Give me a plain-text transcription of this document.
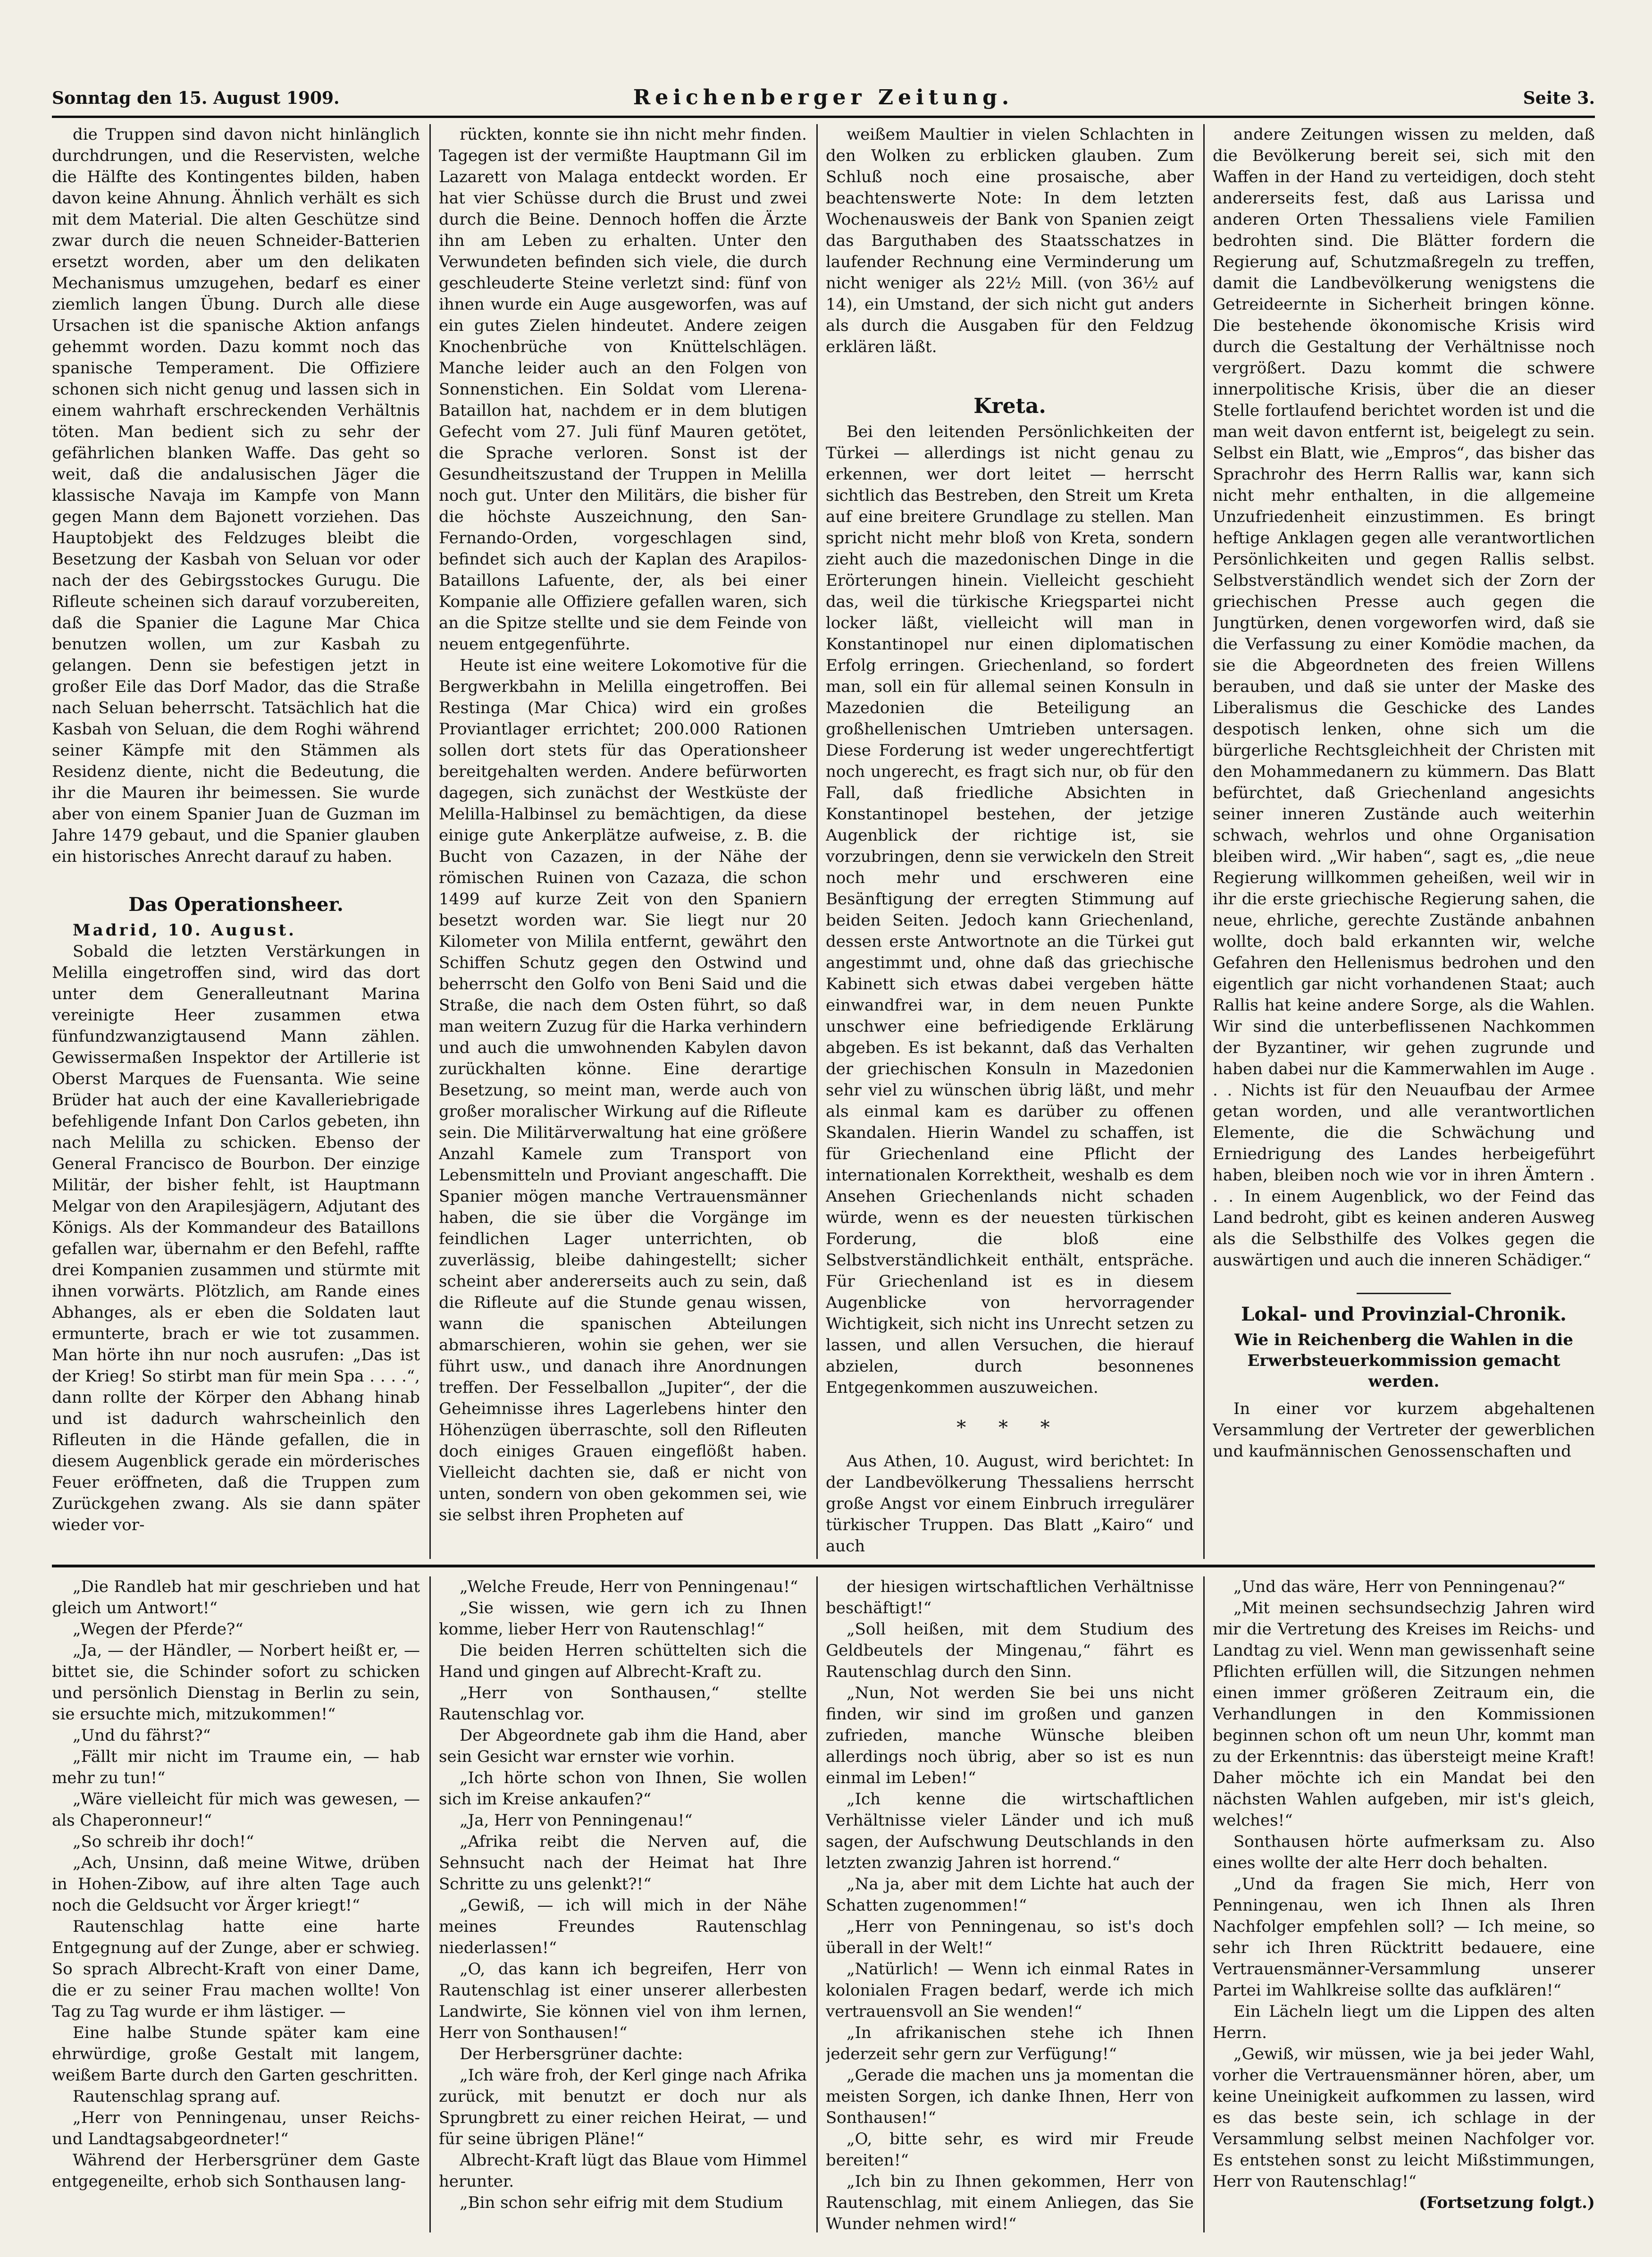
Sonntag den 15. August 1909.	Reichenberger Zeitung.	Seite 3.

die Truppen sind davon nicht hinlänglich durchdrungen, und die Reservisten, welche die Hälfte des Kontingentes bilden, haben davon keine Ahnung. Ähnlich verhält es sich mit dem Material. Die alten Geschütze sind zwar durch die neuen Schneider-Batterien ersetzt worden, aber um den delikaten Mechanismus umzugehen, bedarf es einer ziemlich langen Übung. Durch alle diese Ursachen ist die spanische Aktion anfangs gehemmt worden. Dazu kommt noch das spanische Temperament. Die Offiziere schonen sich nicht genug und lassen sich in einem wahrhaft erschreckenden Verhältnis töten. Man bedient sich zu sehr der gefährlichen blanken Waffe. Das geht so weit, daß die andalusischen Jäger die klassische Navaja im Kampfe von Mann gegen Mann dem Bajonett vorziehen. Das Hauptobjekt des Feldzuges bleibt die Besetzung der Kasbah von Seluan vor oder nach der des Gebirgsstockes Gurugu. Die Rifleute scheinen sich darauf vorzubereiten, daß die Spanier die Lagune Mar Chica benutzen wollen, um zur Kasbah zu gelangen. Denn sie befestigen jetzt in großer Eile das Dorf Mador, das die Straße nach Seluan beherrscht. Tatsächlich hat die Kasbah von Seluan, die dem Roghi während seiner Kämpfe mit den Stämmen als Residenz diente, nicht die Bedeutung, die ihr die Mauren ihr beimessen. Sie wurde aber von einem Spanier Juan de Guzman im Jahre 1479 gebaut, und die Spanier glauben ein historisches Anrecht darauf zu haben.

Das Operationsheer.

Madrid, 10. August.

Sobald die letzten Verstärkungen in Melilla eingetroffen sind, wird das dort unter dem Generalleutnant Marina vereinigte Heer zusammen etwa fünfundzwanzigtausend Mann zählen. Gewissermaßen Inspektor der Artillerie ist Oberst Marques de Fuensanta. Wie seine Brüder hat auch der eine Kavalleriebrigade befehligende Infant Don Carlos gebeten, ihn nach Melilla zu schicken. Ebenso der General Francisco de Bourbon. Der einzige Militär, der bisher fehlt, ist Hauptmann Melgar von den Arapilesjägern, Adjutant des Königs. Als der Kommandeur des Bataillons gefallen war, übernahm er den Befehl, raffte drei Kompanien zusammen und stürmte mit ihnen vorwärts. Plötzlich, am Rande eines Abhanges, als er eben die Soldaten laut ermunterte, brach er wie tot zusammen. Man hörte ihn nur noch ausrufen: „Das ist der Krieg! So stirbt man für mein Spa . . . .“, dann rollte der Körper den Abhang hinab und ist dadurch wahrscheinlich den Rifleuten in die Hände gefallen, die in diesem Augenblick gerade ein mörderisches Feuer eröffneten, daß die Truppen zum Zurückgehen zwang. Als sie dann später wieder vor-

rückten, konnte sie ihn nicht mehr finden. Tagegen ist der vermißte Hauptmann Gil im Lazarett von Malaga entdeckt worden. Er hat vier Schüsse durch die Brust und zwei durch die Beine. Dennoch hoffen die Ärzte ihn am Leben zu erhalten. Unter den Verwundeten befinden sich viele, die durch geschleuderte Steine verletzt sind: fünf von ihnen wurde ein Auge ausgeworfen, was auf ein gutes Zielen hindeutet. Andere zeigen Knochenbrüche von Knüttelschlägen. Manche leider auch an den Folgen von Sonnenstichen. Ein Soldat vom Llerena-Bataillon hat, nachdem er in dem blutigen Gefecht vom 27. Juli fünf Mauren getötet, die Sprache verloren. Sonst ist der Gesundheitszustand der Truppen in Melilla noch gut. Unter den Militärs, die bisher für die höchste Auszeichnung, den San-Fernando-Orden, vorgeschlagen sind, befindet sich auch der Kaplan des Arapilos-Bataillons Lafuente, der, als bei einer Kompanie alle Offiziere gefallen waren, sich an die Spitze stellte und sie dem Feinde von neuem entgegenführte.

Heute ist eine weitere Lokomotive für die Bergwerkbahn in Melilla eingetroffen. Bei Restinga (Mar Chica) wird ein großes Proviantlager errichtet; 200.000 Rationen sollen dort stets für das Operationsheer bereitgehalten werden. Andere befürworten dagegen, sich zunächst der Westküste der Melilla-Halbinsel zu bemächtigen, da diese einige gute Ankerplätze aufweise, z. B. die Bucht von Cazazen, in der Nähe der römischen Ruinen von Cazaza, die schon 1499 auf kurze Zeit von den Spaniern besetzt worden war. Sie liegt nur 20 Kilometer von Milila entfernt, gewährt den Schiffen Schutz gegen den Ostwind und beherrscht den Golfo von Beni Said und die Straße, die nach dem Osten führt, so daß man weitern Zuzug für die Harka verhindern und auch die umwohnenden Kabylen davon zurückhalten könne. Eine derartige Besetzung, so meint man, werde auch von großer moralischer Wirkung auf die Rifleute sein. Die Militärverwaltung hat eine größere Anzahl Kamele zum Transport von Lebensmitteln und Proviant angeschafft. Die Spanier mögen manche Vertrauensmänner haben, die sie über die Vorgänge im feindlichen Lager unterrichten, ob zuverlässig, bleibe dahingestellt; sicher scheint aber andererseits auch zu sein, daß die Rifleute auf die Stunde genau wissen, wann die spanischen Abteilungen abmarschieren, wohin sie gehen, wer sie führt usw., und danach ihre Anordnungen treffen. Der Fesselballon „Jupiter“, der die Geheimnisse ihres Lagerlebens hinter den Höhenzügen überraschte, soll den Rifleuten doch einiges Grauen eingeflößt haben. Vielleicht dachten sie, daß er nicht von unten, sondern von oben gekommen sei, wie sie selbst ihren Propheten auf

weißem Maultier in vielen Schlachten in den Wolken zu erblicken glauben. Zum Schluß noch eine prosaische, aber beachtenswerte Note: In dem letzten Wochenausweis der Bank von Spanien zeigt das Barguthaben des Staatsschatzes in laufender Rechnung eine Verminderung um nicht weniger als 22½ Mill. (von 36½ auf 14), ein Umstand, der sich nicht gut anders als durch die Ausgaben für den Feldzug erklären läßt.

Kreta.

Bei den leitenden Persönlichkeiten der Türkei — allerdings ist nicht genau zu erkennen, wer dort leitet — herrscht sichtlich das Bestreben, den Streit um Kreta auf eine breitere Grundlage zu stellen. Man spricht nicht mehr bloß von Kreta, sondern zieht auch die mazedonischen Dinge in die Erörterungen hinein. Vielleicht geschieht das, weil die türkische Kriegspartei nicht locker läßt, vielleicht will man in Konstantinopel nur einen diplomatischen Erfolg erringen. Griechenland, so fordert man, soll ein für allemal seinen Konsuln in Mazedonien die Beteiligung an großhellenischen Umtrieben untersagen. Diese Forderung ist weder ungerechtfertigt noch ungerecht, es fragt sich nur, ob für den Fall, daß friedliche Absichten in Konstantinopel bestehen, der jetzige Augenblick der richtige ist, sie vorzubringen, denn sie verwickeln den Streit noch mehr und erschweren eine Besänftigung der erregten Stimmung auf beiden Seiten. Jedoch kann Griechenland, dessen erste Antwortnote an die Türkei gut angestimmt und, ohne daß das griechische Kabinett sich etwas dabei vergeben hätte einwandfrei war, in dem neuen Punkte unschwer eine befriedigende Erklärung abgeben. Es ist bekannt, daß das Verhalten der griechischen Konsuln in Mazedonien sehr viel zu wünschen übrig läßt, und mehr als einmal kam es darüber zu offenen Skandalen. Hierin Wandel zu schaffen, ist für Griechenland eine Pflicht der internationalen Korrektheit, weshalb es dem Ansehen Griechenlands nicht schaden würde, wenn es der neuesten türkischen Forderung, die bloß eine Selbstverständlichkeit enthält, entspräche. Für Griechenland ist es in diesem Augenblicke von hervorragender Wichtigkeit, sich nicht ins Unrecht setzen zu lassen, und allen Versuchen, die hierauf abzielen, durch besonnenes Entgegenkommen auszuweichen.

* * *

Aus Athen, 10. August, wird berichtet: In der Landbevölkerung Thessaliens herrscht große Angst vor einem Einbruch irregulärer türkischer Truppen. Das Blatt „Kairo“ und auch

andere Zeitungen wissen zu melden, daß die Bevölkerung bereit sei, sich mit den Waffen in der Hand zu verteidigen, doch steht andererseits fest, daß aus Larissa und anderen Orten Thessaliens viele Familien bedrohten sind. Die Blätter fordern die Regierung auf, Schutzmaßregeln zu treffen, damit die Landbevölkerung wenigstens die Getreideernte in Sicherheit bringen könne. Die bestehende ökonomische Krisis wird durch die Gestaltung der Verhältnisse noch vergrößert. Dazu kommt die schwere innerpolitische Krisis, über die an dieser Stelle fortlaufend berichtet worden ist und die man weit davon entfernt ist, beigelegt zu sein. Selbst ein Blatt, wie „Empros“, das bisher das Sprachrohr des Herrn Rallis war, kann sich nicht mehr enthalten, in die allgemeine Unzufriedenheit einzustimmen. Es bringt heftige Anklagen gegen alle verantwortlichen Persönlichkeiten und gegen Rallis selbst. Selbstverständlich wendet sich der Zorn der griechischen Presse auch gegen die Jungtürken, denen vorgeworfen wird, daß sie die Verfassung zu einer Komödie machen, da sie die Abgeordneten des freien Willens berauben, und daß sie unter der Maske des Liberalismus die Geschicke des Landes despotisch lenken, ohne sich um die bürgerliche Rechtsgleichheit der Christen mit den Mohammedanern zu kümmern. Das Blatt befürchtet, daß Griechenland angesichts seiner inneren Zustände auch weiterhin schwach, wehrlos und ohne Organisation bleiben wird. „Wir haben“, sagt es, „die neue Regierung willkommen geheißen, weil wir in ihr die erste griechische Regierung sahen, die neue, ehrliche, gerechte Zustände anbahnen wollte, doch bald erkannten wir, welche Gefahren den Hellenismus bedrohen und den eigentlich gar nicht vorhandenen Staat; auch Rallis hat keine andere Sorge, als die Wahlen. Wir sind die unterbeflissenen Nachkommen der Byzantiner, wir gehen zugrunde und haben dabei nur die Kammerwahlen im Auge . . . Nichts ist für den Neuaufbau der Armee getan worden, und alle verantwortlichen Elemente, die die Schwächung und Erniedrigung des Landes herbeigeführt haben, bleiben noch wie vor in ihren Ämtern . . . In einem Augenblick, wo der Feind das Land bedroht, gibt es keinen anderen Ausweg als die Selbsthilfe des Volkes gegen die auswärtigen und auch die inneren Schädiger.“

Lokal- und Provinzial-Chronik.
Wie in Reichenberg die Wahlen in die Erwerbsteuerkommission gemacht werden.

In einer vor kurzem abgehaltenen Versammlung der Vertreter der gewerblichen und kaufmännischen Genossenschaften und

„Die Randleb hat mir geschrieben und hat gleich um Antwort!“

„Wegen der Pferde?“

„Ja, — der Händler, — Norbert heißt er, — bittet sie, die Schinder sofort zu schicken und persönlich Dienstag in Berlin zu sein, sie ersuchte mich, mitzukommen!“

„Und du fährst?“

„Fällt mir nicht im Traume ein, — hab mehr zu tun!“

„Wäre vielleicht für mich was gewesen, — als Chaperonneur!“

„So schreib ihr doch!“

„Ach, Unsinn, daß meine Witwe, drüben in Hohen-Zibow, auf ihre alten Tage auch noch die Geldsucht vor Ärger kriegt!“

Rautenschlag hatte eine harte Entgegnung auf der Zunge, aber er schwieg. So sprach Albrecht-Kraft von einer Dame, die er zu seiner Frau machen wollte! Von Tag zu Tag wurde er ihm lästiger. —

Eine halbe Stunde später kam eine ehrwürdige, große Gestalt mit langem, weißem Barte durch den Garten geschritten.

Rautenschlag sprang auf.

„Herr von Penningenau, unser Reichs- und Landtagsabgeordneter!“

Während der Herbersgrüner dem Gaste entgegeneilte, erhob sich Sonthausen lang-

„Welche Freude, Herr von Penningenau!“

„Sie wissen, wie gern ich zu Ihnen komme, lieber Herr von Rautenschlag!“

Die beiden Herren schüttelten sich die Hand und gingen auf Albrecht-Kraft zu.

„Herr von Sonthausen,“ stellte Rautenschlag vor.

Der Abgeordnete gab ihm die Hand, aber sein Gesicht war ernster wie vorhin.

„Ich hörte schon von Ihnen, Sie wollen sich im Kreise ankaufen?“

„Ja, Herr von Penningenau!“

„Afrika reibt die Nerven auf, die Sehnsucht nach der Heimat hat Ihre Schritte zu uns gelenkt?!“

„Gewiß, — ich will mich in der Nähe meines Freundes Rautenschlag niederlassen!“

„O, das kann ich begreifen, Herr von Rautenschlag ist einer unserer allerbesten Landwirte, Sie können viel von ihm lernen, Herr von Sonthausen!“

Der Herbersgrüner dachte:

„Ich wäre froh, der Kerl ginge nach Afrika zurück, mit benutzt er doch nur als Sprungbrett zu einer reichen Heirat, — und für seine übrigen Pläne!“

Albrecht-Kraft lügt das Blaue vom Himmel herunter.

„Bin schon sehr eifrig mit dem Studium

der hiesigen wirtschaftlichen Verhältnisse beschäftigt!“

„Soll heißen, mit dem Studium des Geldbeutels der Mingenau,“ fährt es Rautenschlag durch den Sinn.

„Nun, Not werden Sie bei uns nicht finden, wir sind im großen und ganzen zufrieden, manche Wünsche bleiben allerdings noch übrig, aber so ist es nun einmal im Leben!“

„Ich kenne die wirtschaftlichen Verhältnisse vieler Länder und ich muß sagen, der Aufschwung Deutschlands in den letzten zwanzig Jahren ist horrend.“

„Na ja, aber mit dem Lichte hat auch der Schatten zugenommen!“

„Herr von Penningenau, so ist's doch überall in der Welt!“

„Natürlich! — Wenn ich einmal Rates in kolonialen Fragen bedarf, werde ich mich vertrauensvoll an Sie wenden!“

„In afrikanischen stehe ich Ihnen jederzeit sehr gern zur Verfügung!“

„Gerade die machen uns ja momentan die meisten Sorgen, ich danke Ihnen, Herr von Sonthausen!“

„O, bitte sehr, es wird mir Freude bereiten!“

„Ich bin zu Ihnen gekommen, Herr von Rautenschlag, mit einem Anliegen, das Sie Wunder nehmen wird!“

„Und das wäre, Herr von Penningenau?“

„Mit meinen sechsundsechzig Jahren wird mir die Vertretung des Kreises im Reichs- und Landtag zu viel. Wenn man gewissenhaft seine Pflichten erfüllen will, die Sitzungen nehmen einen immer größeren Zeitraum ein, die Verhandlungen in den Kommissionen beginnen schon oft um neun Uhr, kommt man zu der Erkenntnis: das übersteigt meine Kraft! Daher möchte ich ein Mandat bei den nächsten Wahlen aufgeben, mir ist's gleich, welches!“

Sonthausen hörte aufmerksam zu. Also eines wollte der alte Herr doch behalten.

„Und da fragen Sie mich, Herr von Penningenau, wen ich Ihnen als Ihren Nachfolger empfehlen soll? — Ich meine, so sehr ich Ihren Rücktritt bedauere, eine Vertrauensmänner-Versammlung unserer Partei im Wahlkreise sollte das aufklären!“

Ein Lächeln liegt um die Lippen des alten Herrn.

„Gewiß, wir müssen, wie ja bei jeder Wahl, vorher die Vertrauensmänner hören, aber, um keine Uneinigkeit aufkommen zu lassen, wird es das beste sein, ich schlage in der Versammlung selbst meinen Nachfolger vor. Es entstehen sonst zu leicht Mißstimmungen, Herr von Rautenschlag!“

(Fortsetzung folgt.)
